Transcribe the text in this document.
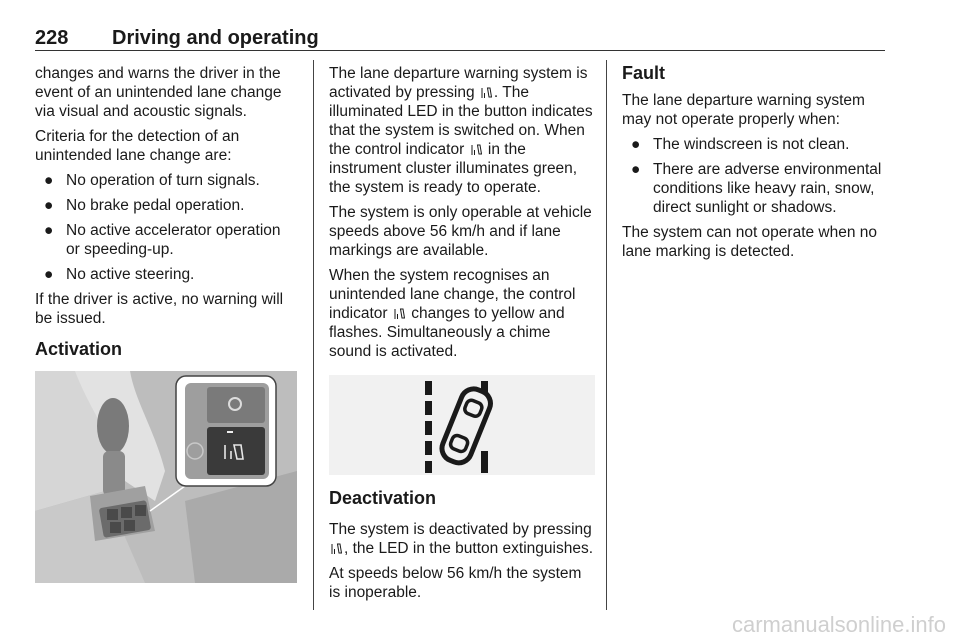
228 Driving and operating

changes and warns the driver in the event of an unintended lane change via visual and acoustic signals.

Criteria for the detection of an unintended lane change are:

● No operation of turn signals.
● No brake pedal operation.
● No active accelerator operation or speeding-up.
● No active steering.

If the driver is active, no warning will be issued.

Activation

The lane departure warning system is activated by pressing . The illuminated LED in the button indicates that the system is switched on. When the control indicator in the instrument cluster illuminates green, the system is ready to operate.

The system is only operable at vehicle speeds above 56 km/h and if lane markings are available.

When the system recognises an unintended lane change, the control indicator changes to yellow and flashes. Simultaneously a chime sound is activated.

Deactivation

The system is deactivated by pressing , the LED in the button extinguishes.

At speeds below 56 km/h the system is inoperable.

Fault

The lane departure warning system may not operate properly when:

● The windscreen is not clean.
● There are adverse environmental conditions like heavy rain, snow, direct sunlight or shadows.

The system can not operate when no lane marking is detected.

carmanualsonline.info
